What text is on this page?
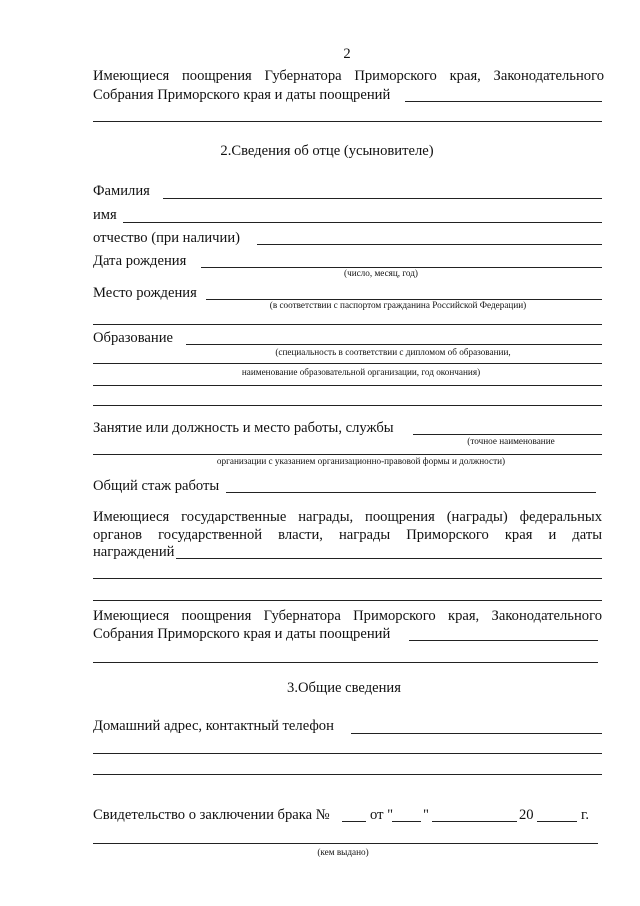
2
Имеющиеся поощрения Губернатора Приморского края, Законодательного
Собрания Приморского края и даты поощрений
2.Сведения об отце (усыновителе)
Фамилия
имя
отчество (при наличии)
Дата рождения
(число, месяц, год)
Место рождения
(в соответствии с паспортом гражданина Российской Федерации)
Образование
(специальность в соответствии с дипломом об образовании,
наименование образовательной организации, год окончания)
Занятие или должность и место работы, службы
(точное наименование
организации с указанием организационно-правовой формы и должности)
Общий стаж работы
Имеющиеся государственные награды, поощрения (награды) федеральных
органов государственной власти, награды Приморского края и даты
награждений
Имеющиеся поощрения Губернатора Приморского края, Законодательного
Собрания Приморского края и даты поощрений
3.Общие сведения
Домашний адрес, контактный телефон
Свидетельство о заключении брака №	от " "	20	г.
(кем выдано)
